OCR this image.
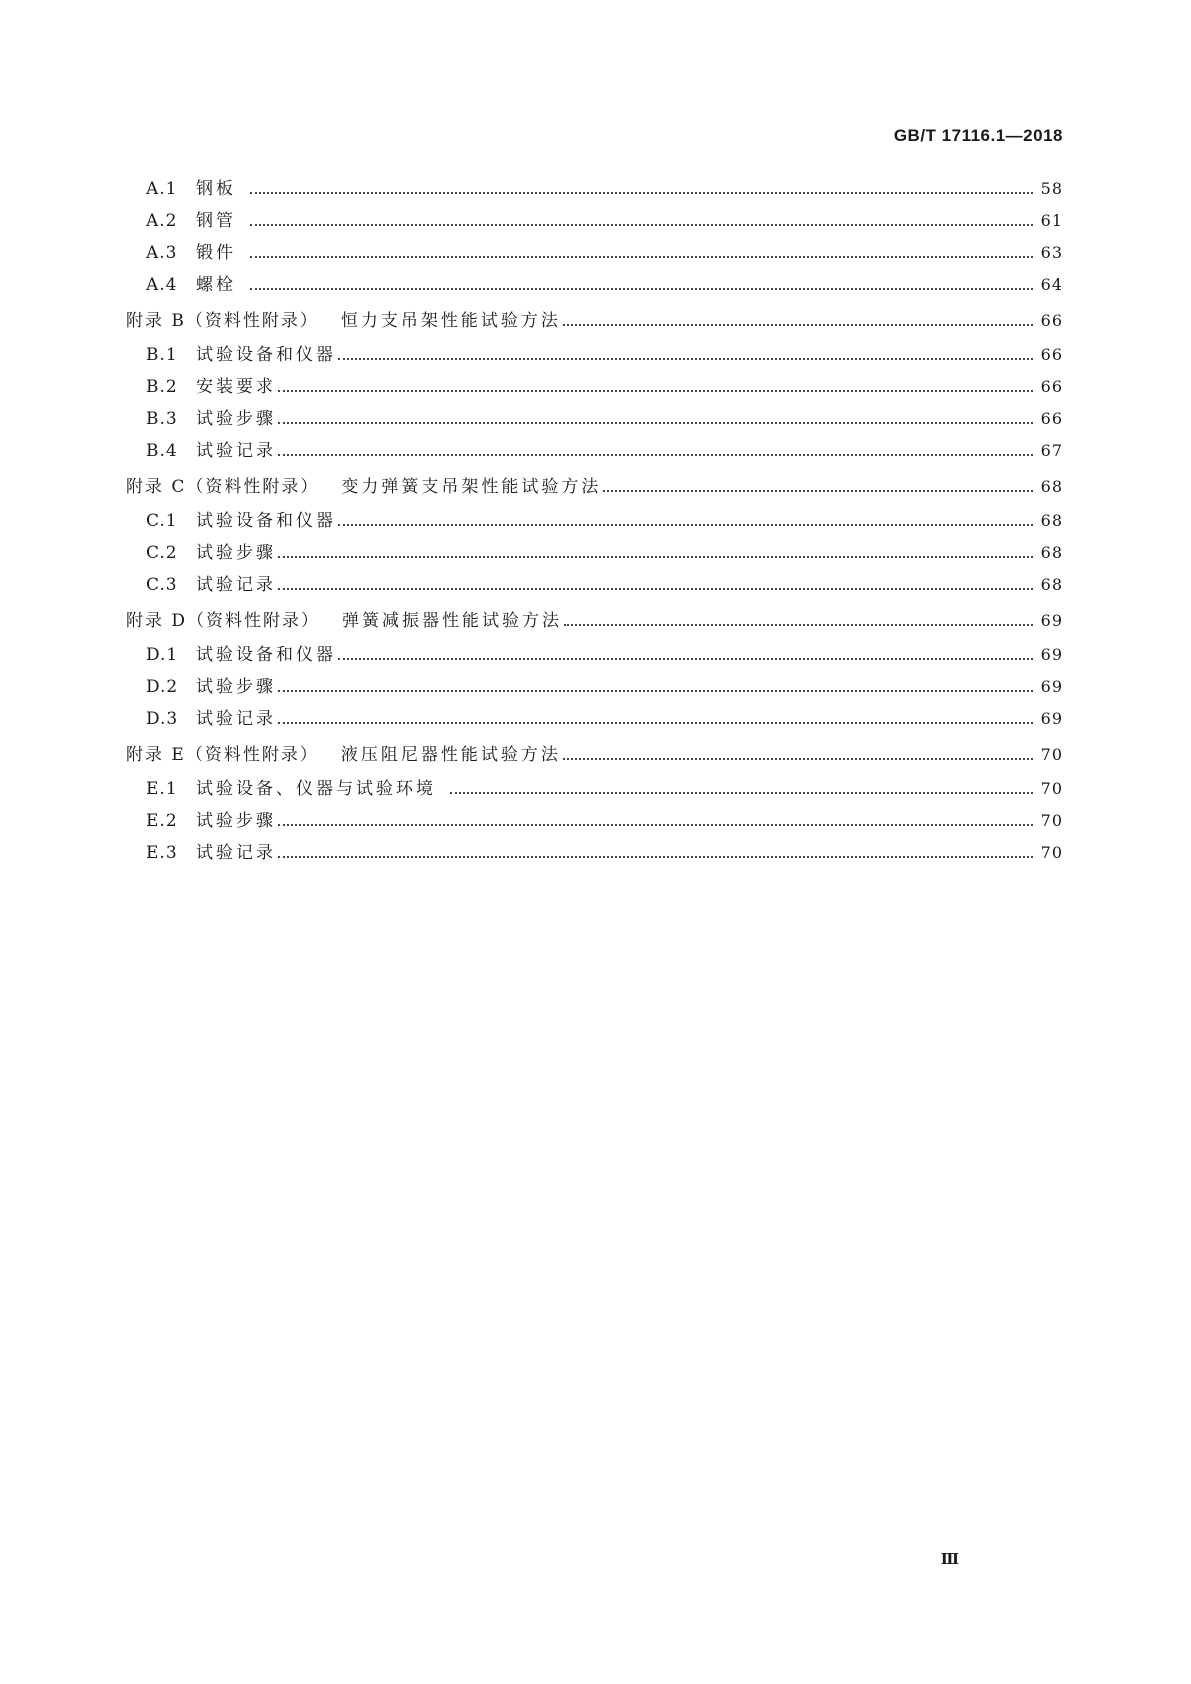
GB/T 17116.1—2018
A.1	钢板	58
A.2	钢管	61
A.3	锻件	63
A.4	螺栓	64
附录 B（资料性附录） 恒力支吊架性能试验方法	66
B.1	试验设备和仪器	66
B.2	安装要求	66
B.3	试验步骤	66
B.4	试验记录	67
附录 C（资料性附录） 变力弹簧支吊架性能试验方法	68
C.1	试验设备和仪器	68
C.2	试验步骤	68
C.3	试验记录	68
附录 D（资料性附录） 弹簧减振器性能试验方法	69
D.1	试验设备和仪器	69
D.2	试验步骤	69
D.3	试验记录	69
附录 E（资料性附录） 液压阻尼器性能试验方法	70
E.1	试验设备、仪器与试验环境	70
E.2	试验步骤	70
E.3	试验记录	70
Ⅲ
